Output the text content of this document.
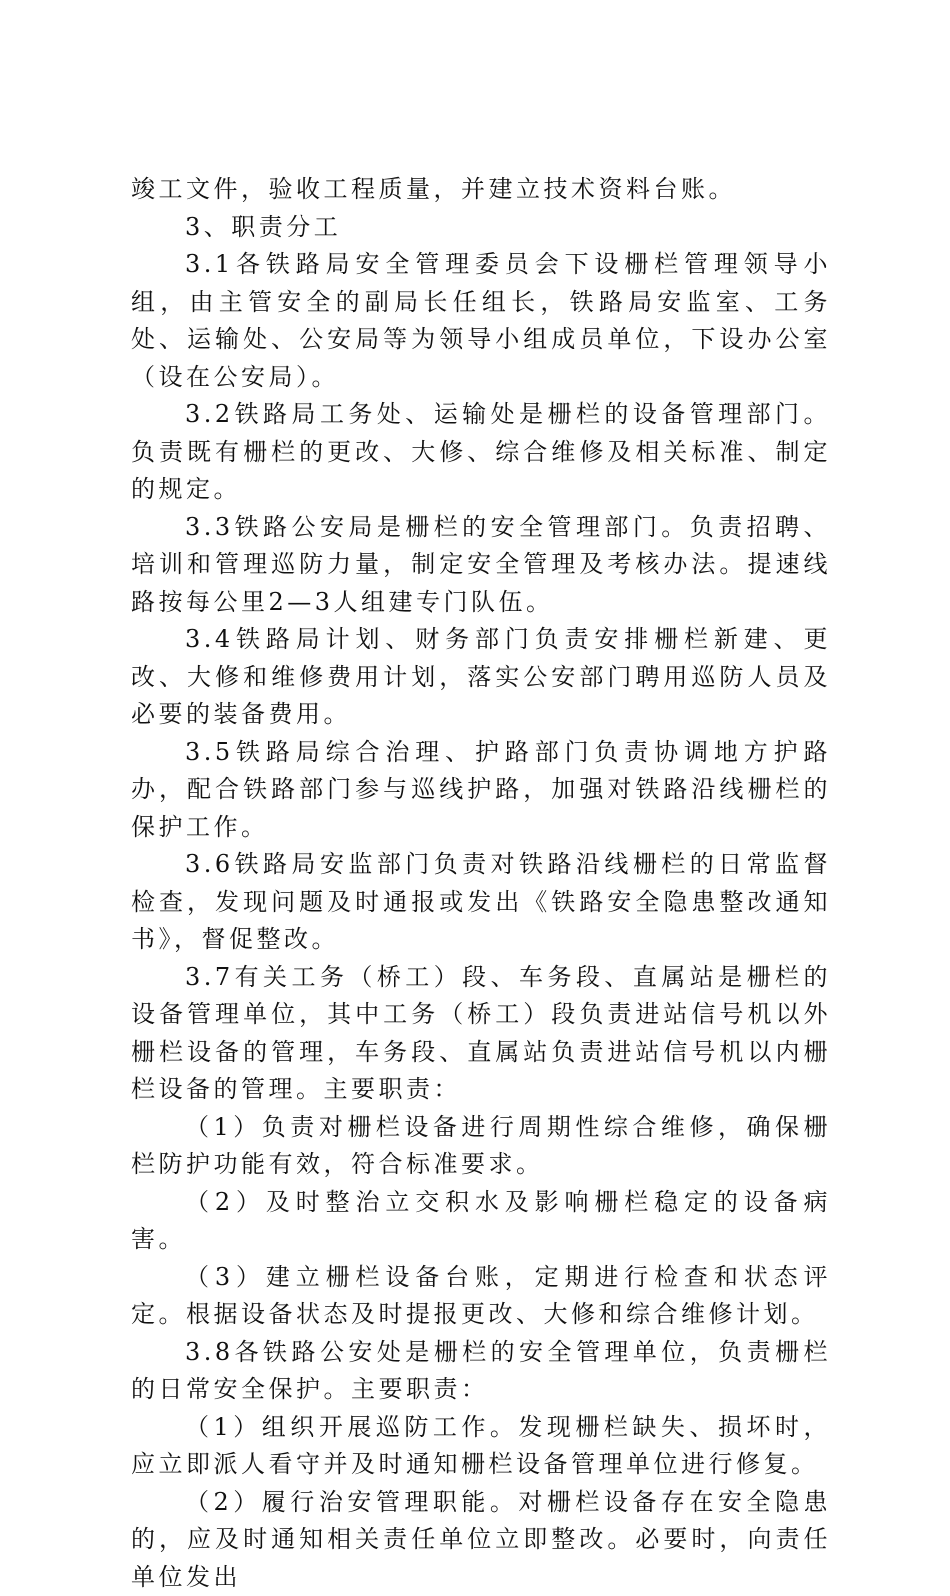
竣工文件，验收工程质量，并建立技术资料台账。

3、职责分工

3.1各铁路局安全管理委员会下设栅栏管理领导小组，由主管安全的副局长任组长，铁路局安监室、工务处、运输处、公安局等为领导小组成员单位，下设办公室（设在公安局）。

3.2铁路局工务处、运输处是栅栏的设备管理部门。负责既有栅栏的更改、大修、综合维修及相关标准、制定的规定。

3.3铁路公安局是栅栏的安全管理部门。负责招聘、培训和管理巡防力量，制定安全管理及考核办法。提速线路按每公里2—3人组建专门队伍。

3.4铁路局计划、财务部门负责安排栅栏新建、更改、大修和维修费用计划，落实公安部门聘用巡防人员及必要的装备费用。

3.5铁路局综合治理、护路部门负责协调地方护路办，配合铁路部门参与巡线护路，加强对铁路沿线栅栏的保护工作。

3.6铁路局安监部门负责对铁路沿线栅栏的日常监督检查，发现问题及时通报或发出《铁路安全隐患整改通知书》，督促整改。

3.7有关工务（桥工）段、车务段、直属站是栅栏的设备管理单位，其中工务（桥工）段负责进站信号机以外栅栏设备的管理，车务段、直属站负责进站信号机以内栅栏设备的管理。主要职责：

（1）负责对栅栏设备进行周期性综合维修，确保栅栏防护功能有效，符合标准要求。

（2）及时整治立交积水及影响栅栏稳定的设备病害。

（3）建立栅栏设备台账，定期进行检查和状态评定。根据设备状态及时提报更改、大修和综合维修计划。

3.8各铁路公安处是栅栏的安全管理单位，负责栅栏的日常安全保护。主要职责：

（1）组织开展巡防工作。发现栅栏缺失、损坏时，应立即派人看守并及时通知栅栏设备管理单位进行修复。

（2）履行治安管理职能。对栅栏设备存在安全隐患的，应及时通知相关责任单位立即整改。必要时，向责任单位发出
